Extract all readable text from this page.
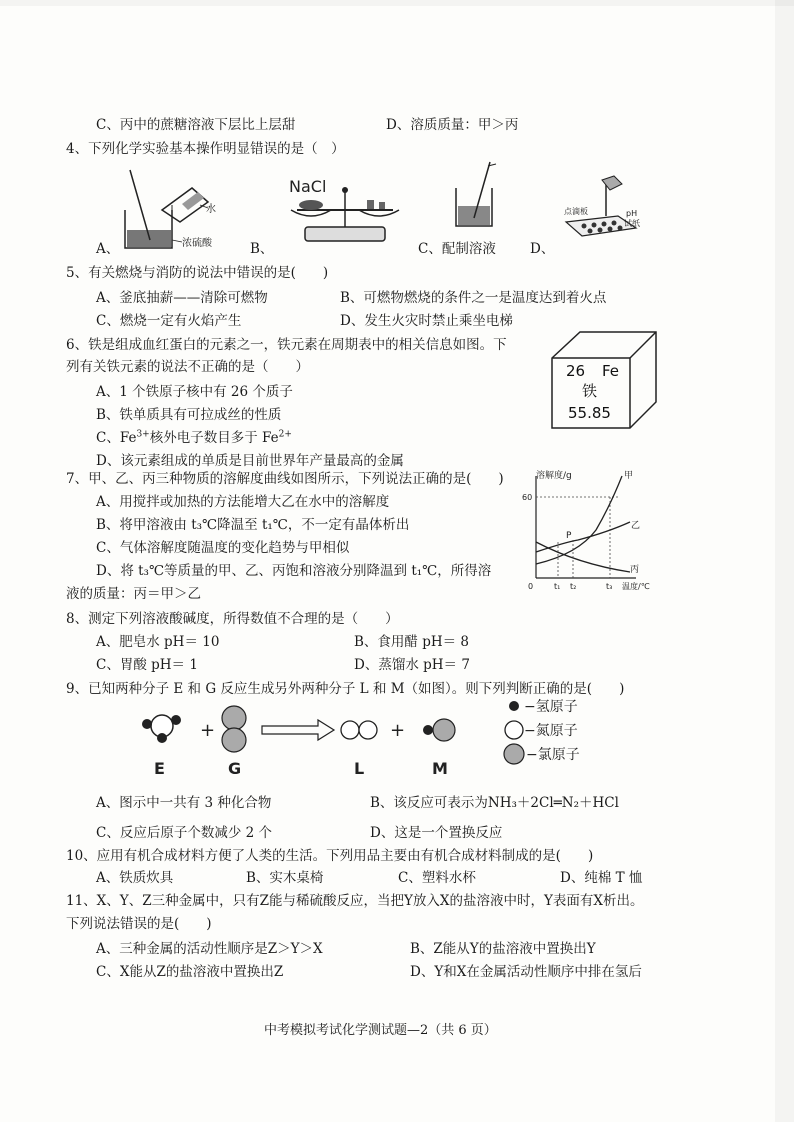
C、丙中的蔗糖溶液下层比上层甜	D、溶质质量：甲＞丙
4、下列化学实验基本操作明显错误的是（　）
水
浓硫酸
NaCl
点滴板	pH
试纸
A、	B、	C、配制溶液	D、
5、有关燃烧与消防的说法中错误的是(　　)
A、釜底抽薪——清除可燃物	B、可燃物燃烧的条件之一是温度达到着火点
C、燃烧一定有火焰产生	D、发生火灾时禁止乘坐电梯
6、铁是组成血红蛋白的元素之一，铁元素在周期表中的相关信息如图。下
列有关铁元素的说法不正确的是（　　）
A、1 个铁原子核中有 26 个质子
B、铁单质具有可拉成丝的性质
C、$Fe^{3+}$核外电子数目多于 $Fe^{2+}$
D、该元素组成的单质是目前世界年产量最高的金属
26 Fe
铁
55.85
7、甲、乙、丙三种物质的溶解度曲线如图所示，下列说法正确的是(　　)
A、用搅拌或加热的方法能增大乙在水中的溶解度
B、将甲溶液由 t₃℃降温至 t₁℃，不一定有晶体析出
C、气体溶解度随温度的变化趋势与甲相似
D、将 t₃℃等质量的甲、乙、丙饱和溶液分别降温到 t₁℃，所得溶
液的质量：丙＝甲＞乙
溶解度/g
60
P
甲
乙
丙
0	t₁ t₂	t₃ 温度/℃
8、测定下列溶液酸碱度，所得数值不合理的是（　　）
A、肥皂水 pH＝ 10	B、食用醋 pH＝ 8
C、胃酸 pH＝ 1	D、蒸馏水 pH＝ 7
9、已知两种分子 E 和 G 反应生成另外两种分子 L 和 M（如图）。则下列判断正确的是(　　)
E
+
G	L
+
M
−氢原子
−氮原子
−氯原子
A、图示中一共有 3 种化合物	B、该反应可表示为NH₃＋2Cl═N₂＋HCl
C、反应后原子个数减少 2 个	D、这是一个置换反应
10、应用有机合成材料方便了人类的生活。下列用品主要由有机合成材料制成的是(　　)
A、铁质炊具	B、实木桌椅	C、塑料水杯	D、纯棉 T 恤
11、X、Y、Z三种金属中，只有Z能与稀硫酸反应，当把Y放入X的盐溶液中时，Y表面有X析出。
下列说法错误的是(　　)
A、三种金属的活动性顺序是Z＞Y＞X	B、Z能从Y的盐溶液中置换出Y
C、X能从Z的盐溶液中置换出Z	D、Y和X在金属活动性顺序中排在氢后
中考模拟考试化学测试题—2（共 6 页）
